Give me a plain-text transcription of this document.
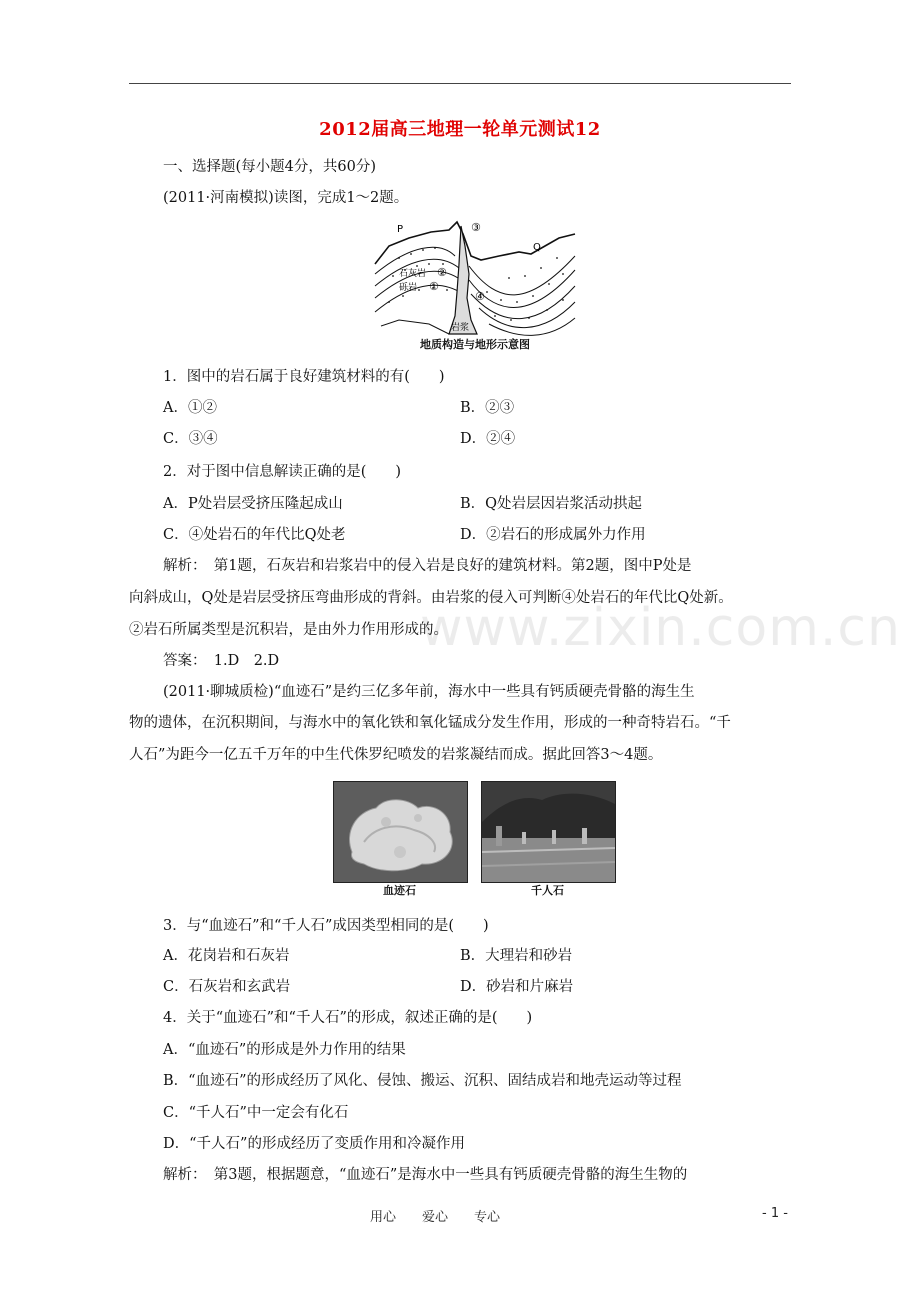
www.zixin.com.cn
2012届高三地理一轮单元测试12
一、选择题(每小题4分，共60分)
(2011·河南模拟)读图，完成1～2题。
P	③
Q
石灰岩 ②
砾岩 ①
④
岩浆
地质构造与地形示意图
1．图中的岩石属于良好建筑材料的有(　　)
A．①②	B．②③
C．③④	D．②④
2．对于图中信息解读正确的是(　　)
A．P处岩层受挤压隆起成山	B．Q处岩层因岩浆活动拱起
C．④处岩石的年代比Q处老	D．②岩石的形成属外力作用
解析：　第1题，石灰岩和岩浆岩中的侵入岩是良好的建筑材料。第2题，图中P处是
向斜成山，Q处是岩层受挤压弯曲形成的背斜。由岩浆的侵入可判断④处岩石的年代比Q处新。
②岩石所属类型是沉积岩，是由外力作用形成的。
答案：　1.D　2.D
(2011·聊城质检)“血迹石”是约三亿多年前，海水中一些具有钙质硬壳骨骼的海生生
物的遗体，在沉积期间，与海水中的氧化铁和氧化锰成分发生作用，形成的一种奇特岩石。“千
人石”为距今一亿五千万年的中生代侏罗纪喷发的岩浆凝结而成。据此回答3～4题。
血迹石	千人石
3．与“血迹石”和“千人石”成因类型相同的是(　　)
A．花岗岩和石灰岩	B．大理岩和砂岩
C．石灰岩和玄武岩	D．砂岩和片麻岩
4．关于“血迹石”和“千人石”的形成，叙述正确的是(　　)
A．“血迹石”的形成是外力作用的结果
B．“血迹石”的形成经历了风化、侵蚀、搬运、沉积、固结成岩和地壳运动等过程
C．“千人石”中一定会有化石
D．“千人石”的形成经历了变质作用和冷凝作用
解析：　第3题，根据题意，“血迹石”是海水中一些具有钙质硬壳骨骼的海生生物的
用心　　爱心　　专心	- 1 -
